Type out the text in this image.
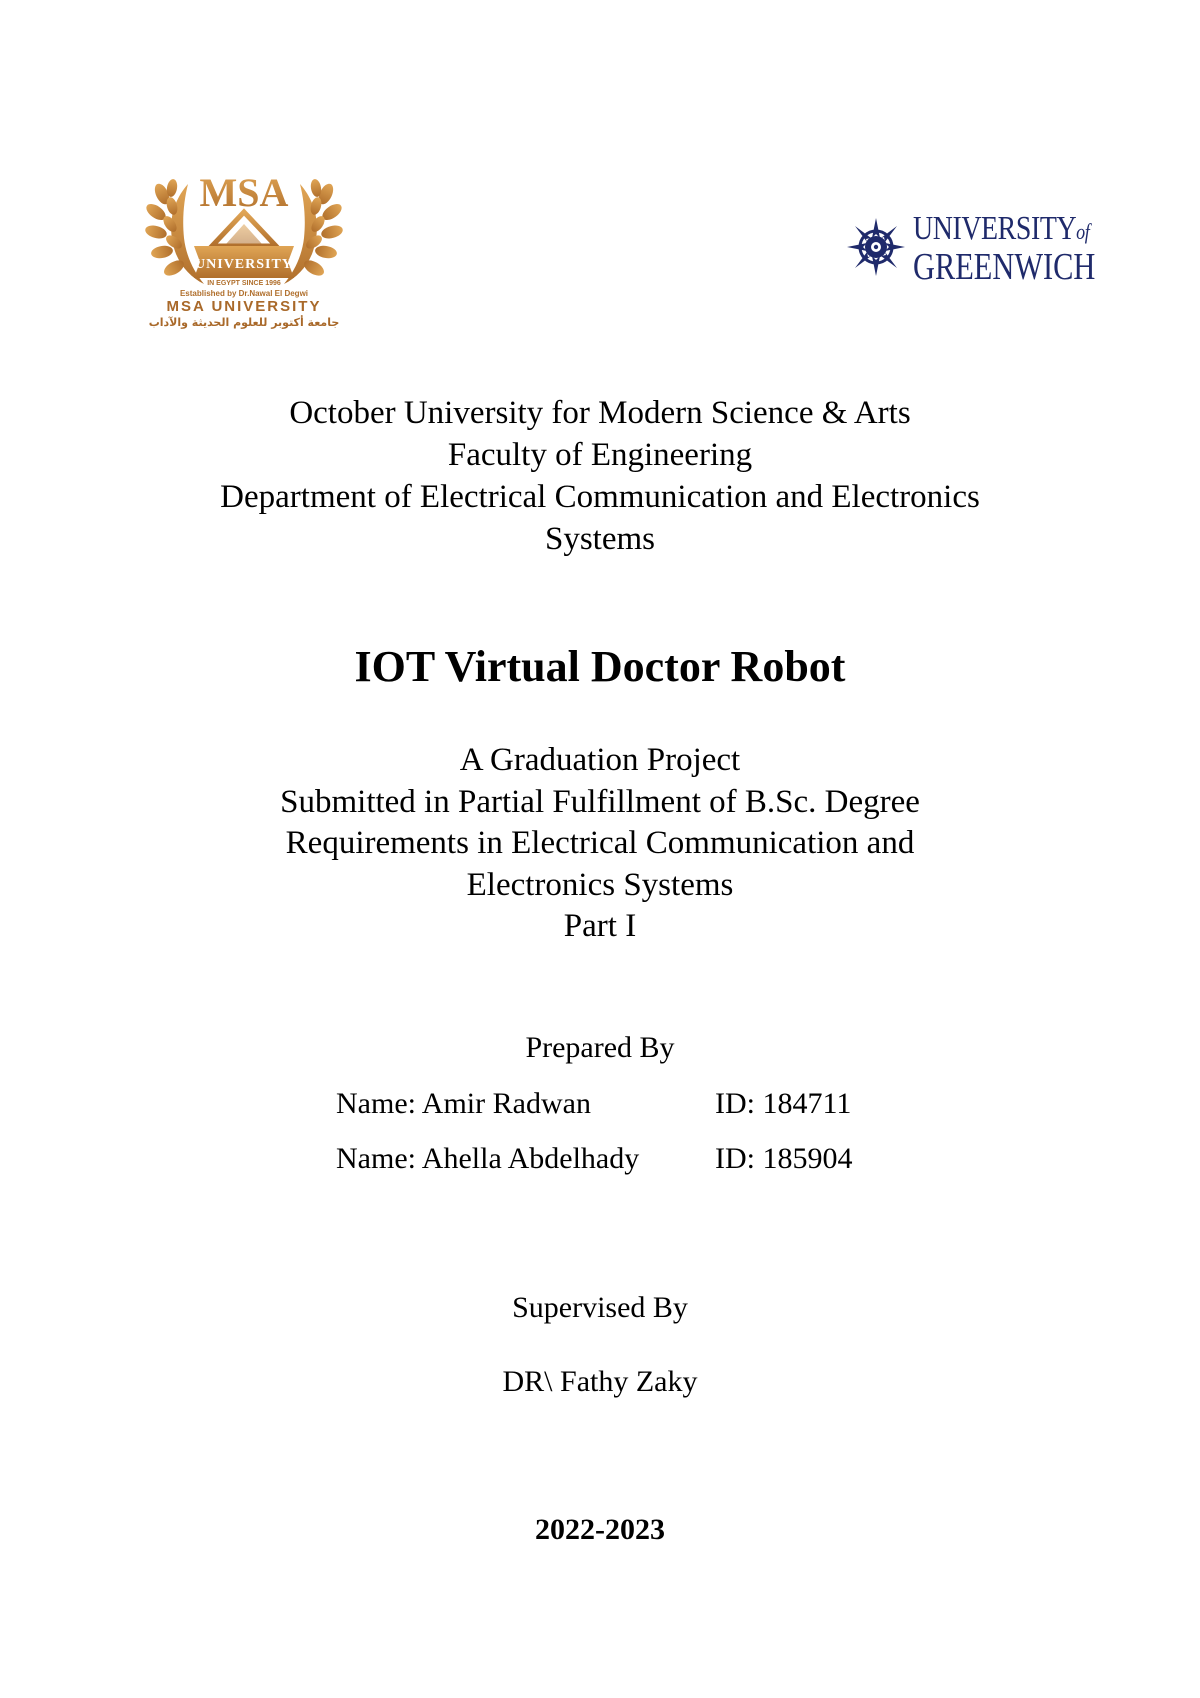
MSA
UNIVERSITY
IN EGYPT SINCE 1996
Established by Dr.Nawal El Degwi
MSA UNIVERSITY
جامعة أكتوبر للعلوم الحديثة والآداب
UNIVERSITYof
GREENWICH
October University for Modern Science & Arts
Faculty of Engineering
Department of Electrical Communication and Electronics
Systems
IOT Virtual Doctor Robot
A Graduation Project
Submitted in Partial Fulfillment of B.Sc. Degree
Requirements in Electrical Communication and
Electronics Systems
Part I
Prepared By
Name: Amir Radwan	ID: 184711
Name: Ahella Abdelhady	ID: 185904
Supervised By
DR\ Fathy Zaky
2022-2023
